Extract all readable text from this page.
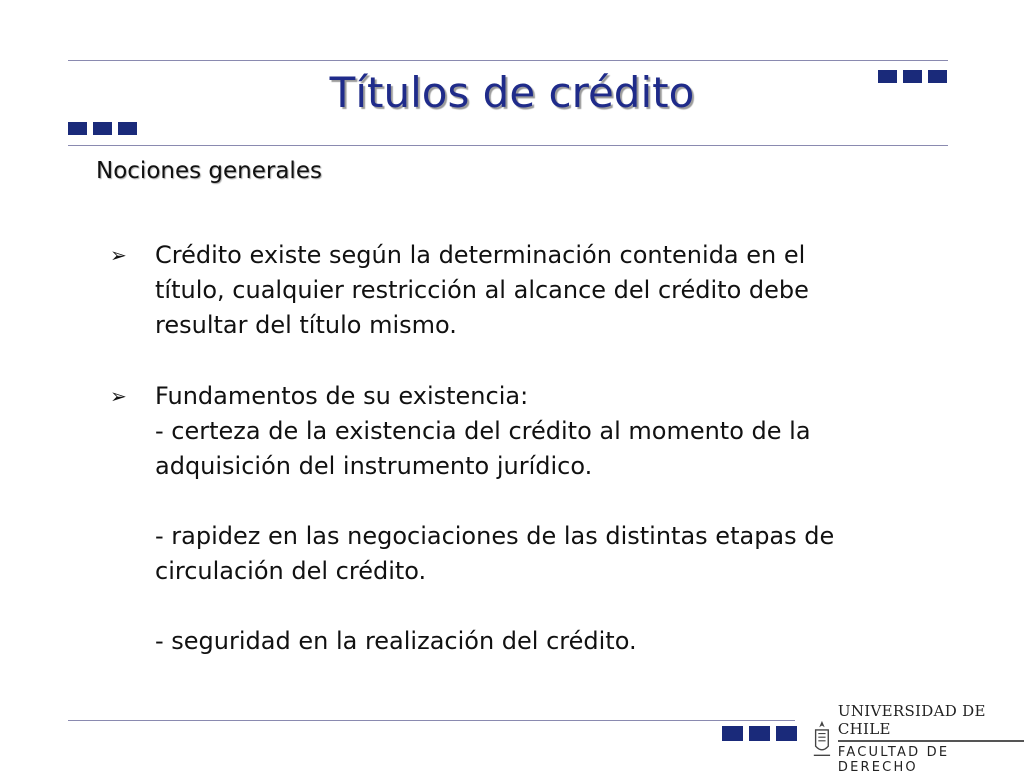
Títulos de crédito

Nociones generales

➢	Crédito existe según la determinación contenida en el
título, cualquier restricción al alcance del crédito debe
resultar del título mismo.
➢	Fundamentos de su existencia:
- certeza de la existencia del crédito al momento de la
adquisición del instrumento jurídico.

- rapidez en las negociaciones de las distintas etapas de
circulación del crédito.

- seguridad en la realización del crédito.
UNIVERSIDAD DE CHILE
FACULTAD DE DERECHO
